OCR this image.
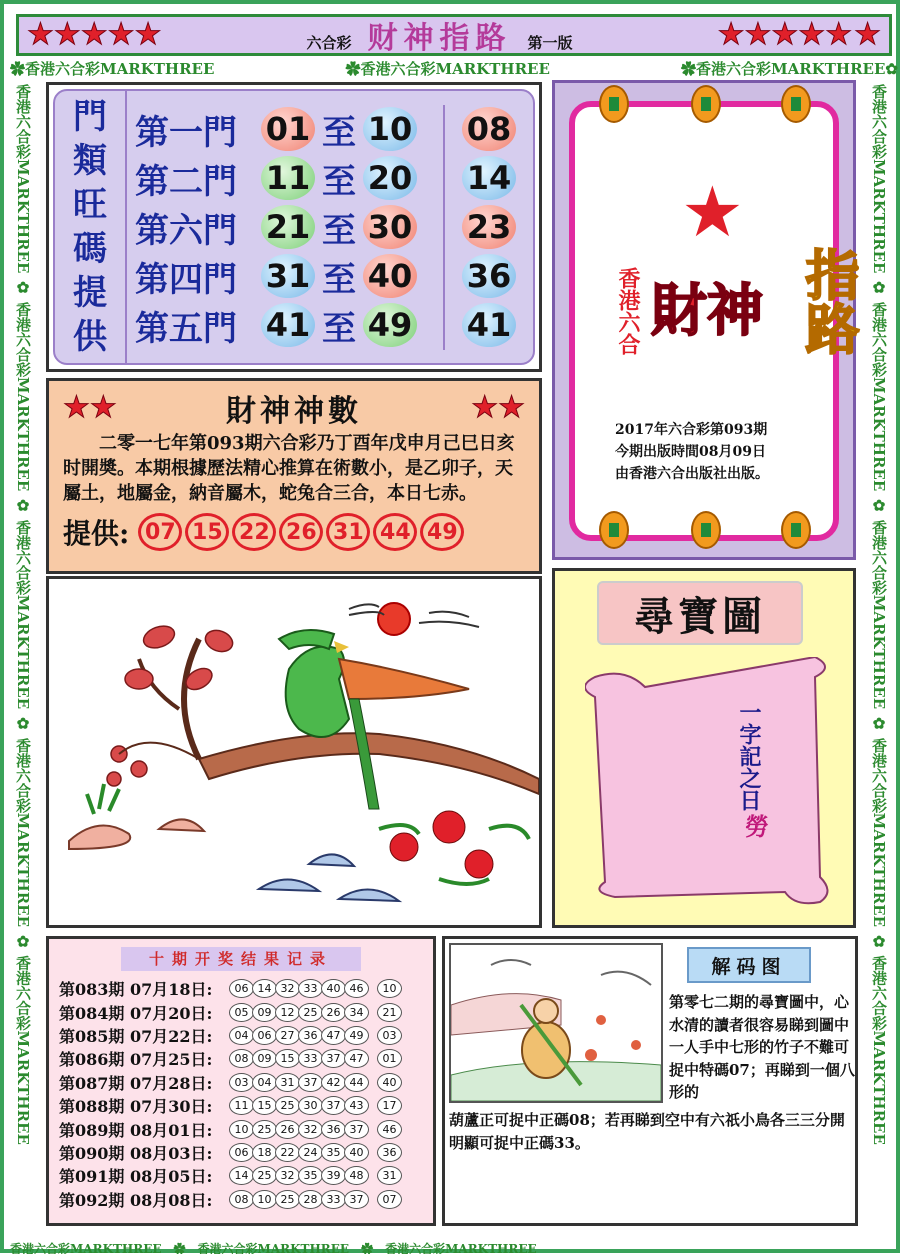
★★★★★	六合彩 财神指路 第一版	★★★★★ ★
✿香港六合彩MARKTHREE	✿香港六合彩MARKTHREE	✿香港六合彩MARKTHREE✿
香港六合彩MARKTHREE ✿ 香港六合彩MARKTHREE ✿ 香港六合彩MARKTHREE ✿ 香港六合彩MARKTHREE ✿ 香港六合彩MARKTHREE
香港六合彩MARKTHREE ✿ 香港六合彩MARKTHREE ✿ 香港六合彩MARKTHREE ✿ 香港六合彩MARKTHREE ✿ 香港六合彩MARKTHREE
香港六合彩MARKTHREE　✿　香港六合彩MARKTHREE　✿　香港六合彩MARKTHREE
門
類
旺
碼
提
供
第一門 01 至 10 08
第二門 11 至 20 14
第六門 21 至 30 23
第四門 31 至 40 36
第五門 41 至 49 41
★
香港六合 財神 指路
2017年六合彩第093期
今期出版時間08月09日
由香港六合出版社出版。
★★	財神神數	★★
二零一七年第093期六合彩乃丁酉年戊申月己巳日亥时開奬。本期根據歷法精心推算在術數小，是乙卯子，天屬土，地屬金，納音屬木，蛇兔合三合，本日七赤。
提供: 07 15 22 26 31 44 49
尋寶圖
一字記之日
勞
十期开奖结果记录
第083期 07月18日:	06 14 32 33 40 46	10
第084期 07月20日:	05 09 12 25 26 34	21
第085期 07月22日:	04 06 27 36 47 49	03
第086期 07月25日:	08 09 15 33 37 47	01
第087期 07月28日:	03 04 31 37 42 44	40
第088期 07月30日:	11 15 25 30 37 43	17
第089期 08月01日:	10 25 26 32 36 37	46
第090期 08月03日:	06 18 22 24 35 40	36
第091期 08月05日:	14 25 32 35 39 48	31
第092期 08月08日:	08 10 25 28 33 37	07
解码图
第零七二期的尋寶圖中，心水清的讀者很容易睇到圖中一人手中七形的竹子不難可捉中特碼07；再睇到一個八形的
葫蘆正可捉中正碼08；若再睇到空中有六祇小鳥各三三分開明顯可捉中正碼33。
